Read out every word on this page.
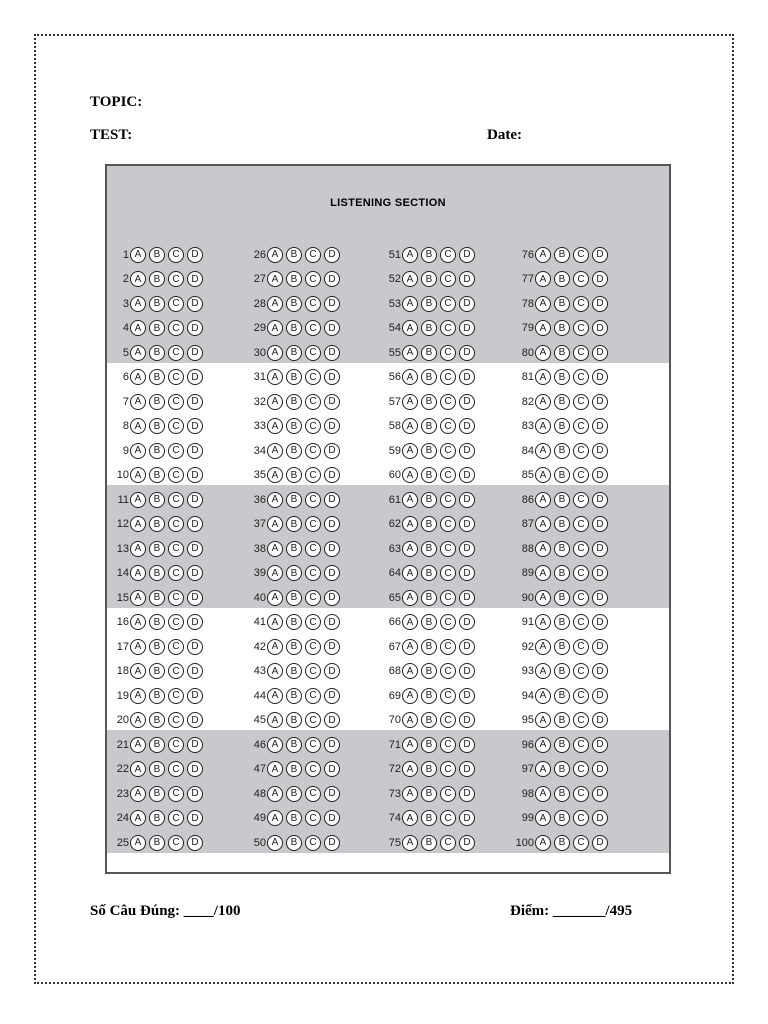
TOPIC:
TEST:	Date:
LISTENING SECTION
1 A	B	C	D	26 A	B	C	D	51 A	B	C	D	76 A	B	C	D
2 A	B	C	D	27 A	B	C	D	52 A	B	C	D	77 A	B	C	D
3 A	B	C	D	28 A	B	C	D	53 A	B	C	D	78 A	B	C	D
4 A	B	C	D	29 A	B	C	D	54 A	B	C	D	79 A	B	C	D
5 A	B	C	D	30 A	B	C	D	55 A	B	C	D	80 A	B	C	D
6 A	B	C	D	31 A	B	C	D	56 A	B	C	D	81 A	B	C	D
7 A	B	C	D	32 A	B	C	D	57 A	B	C	D	82 A	B	C	D
8 A	B	C	D	33 A	B	C	D	58 A	B	C	D	83 A	B	C	D
9 A	B	C	D	34 A	B	C	D	59 A	B	C	D	84 A	B	C	D
10 A	B	C	D	35 A	B	C	D	60 A	B	C	D	85 A	B	C	D
11 A	B	C	D	36 A	B	C	D	61 A	B	C	D	86 A	B	C	D
12 A	B	C	D	37 A	B	C	D	62 A	B	C	D	87 A	B	C	D
13 A	B	C	D	38 A	B	C	D	63 A	B	C	D	88 A	B	C	D
14 A	B	C	D	39 A	B	C	D	64 A	B	C	D	89 A	B	C	D
15 A	B	C	D	40 A	B	C	D	65 A	B	C	D	90 A	B	C	D
16 A	B	C	D	41 A	B	C	D	66 A	B	C	D	91 A	B	C	D
17 A	B	C	D	42 A	B	C	D	67 A	B	C	D	92 A	B	C	D
18 A	B	C	D	43 A	B	C	D	68 A	B	C	D	93 A	B	C	D
19 A	B	C	D	44 A	B	C	D	69 A	B	C	D	94 A	B	C	D
20 A	B	C	D	45 A	B	C	D	70 A	B	C	D	95 A	B	C	D
21 A	B	C	D	46 A	B	C	D	71 A	B	C	D	96 A	B	C	D
22 A	B	C	D	47 A	B	C	D	72 A	B	C	D	97 A	B	C	D
23 A	B	C	D	48 A	B	C	D	73 A	B	C	D	98 A	B	C	D
24 A	B	C	D	49 A	B	C	D	74 A	B	C	D	99 A	B	C	D
25 A	B	C	D	50 A	B	C	D	75 A	B	C	D	100 A	B	C	D
Số Câu Đúng: ____/100	Điểm: _______/495
